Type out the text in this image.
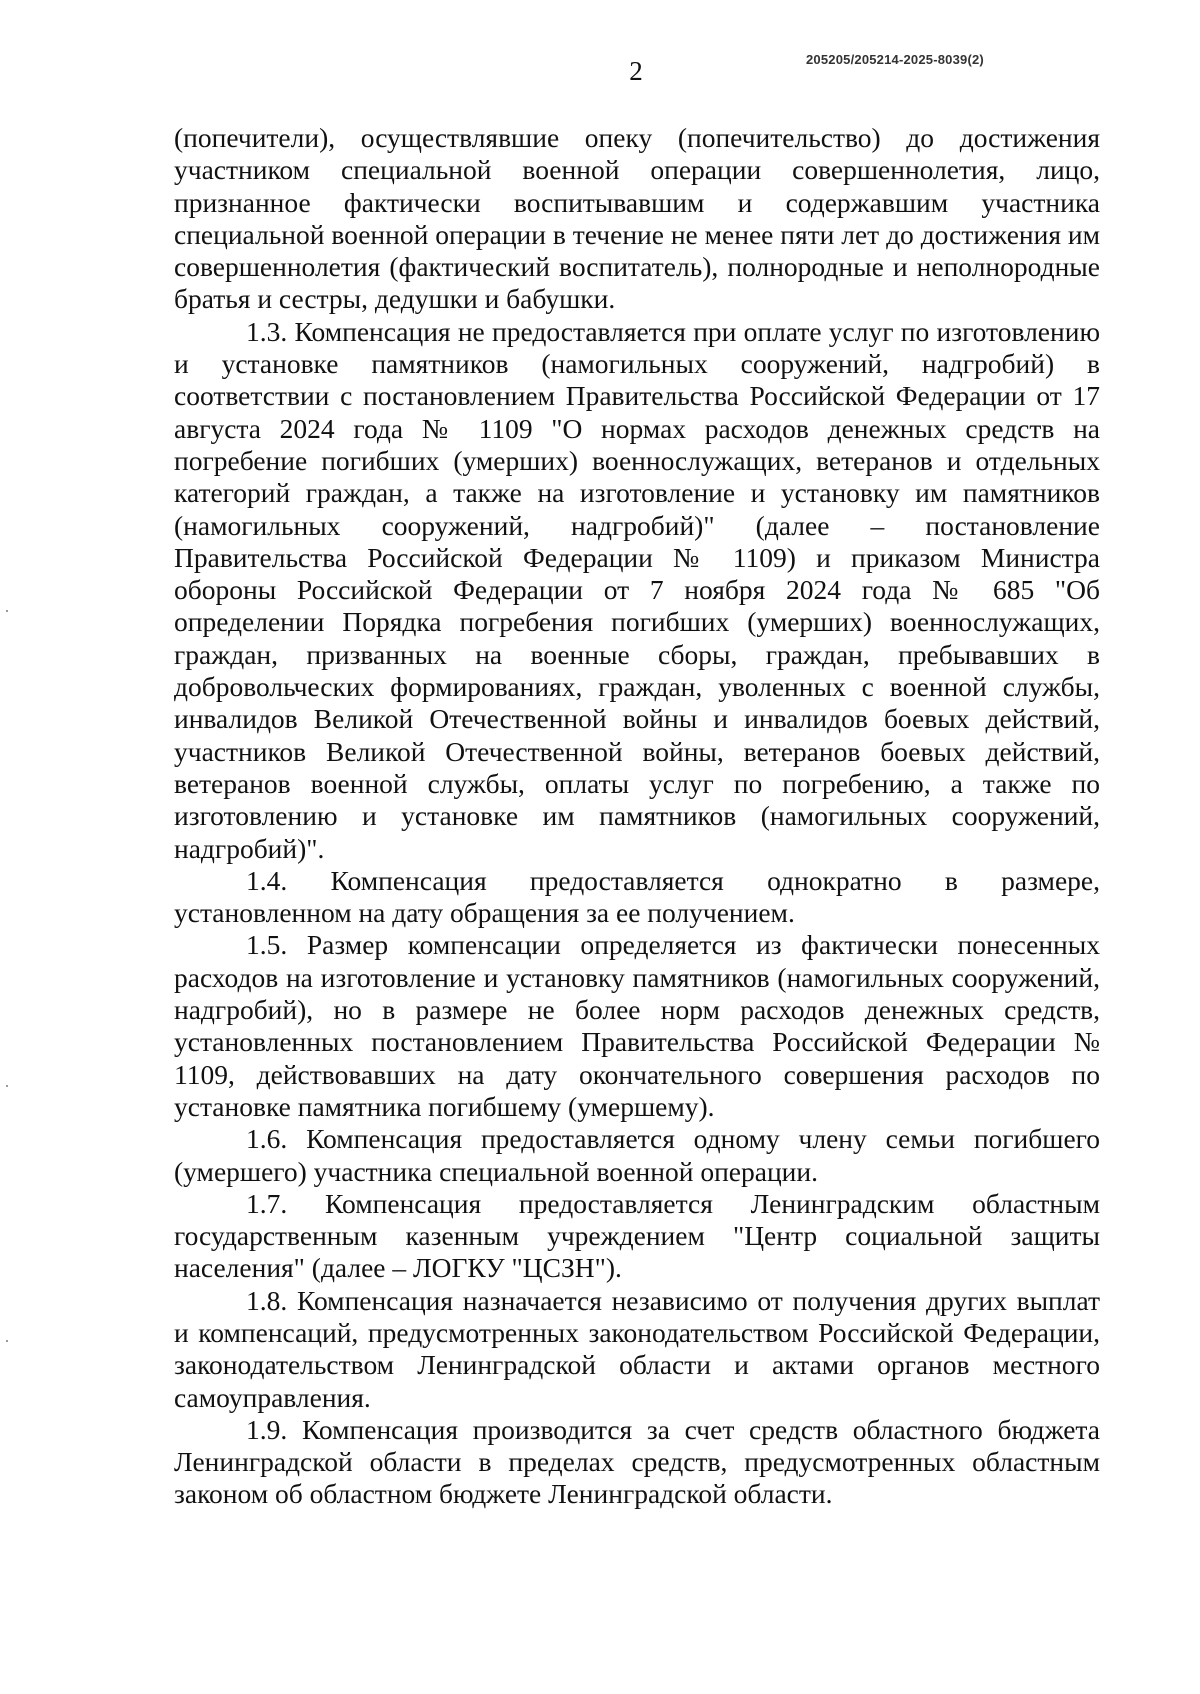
205205/205214-2025-8039(2)
2

(попечители), осуществлявшие опеку (попечительство) до достижения участником специальной военной операции совершеннолетия, лицо, признанное фактически воспитывавшим и содержавшим участника специальной военной операции в течение не менее пяти лет до достижения им совершеннолетия (фактический воспитатель), полнородные и неполнородные братья и сестры, дедушки и бабушки.

1.3. Компенсация не предоставляется при оплате услуг по изготовлению и установке памятников (намогильных сооружений, надгробий) в соответствии с постановлением Правительства Российской Федерации от 17 августа 2024 года № 1109 "О нормах расходов денежных средств на погребение погибших (умерших) военнослужащих, ветеранов и отдельных категорий граждан, а также на изготовление и установку им памятников (намогильных сооружений, надгробий)" (далее – постановление Правительства Российской Федерации № 1109) и приказом Министра обороны Российской Федерации от 7 ноября 2024 года № 685 "Об определении Порядка погребения погибших (умерших) военнослужащих, граждан, призванных на военные сборы, граждан, пребывавших в добровольческих формированиях, граждан, уволенных с военной службы, инвалидов Великой Отечественной войны и инвалидов боевых действий, участников Великой Отечественной войны, ветеранов боевых действий, ветеранов военной службы, оплаты услуг по погребению, а также по изготовлению и установке им памятников (намогильных сооружений, надгробий)".

1.4. Компенсация предоставляется однократно в размере, установленном на дату обращения за ее получением.

1.5. Размер компенсации определяется из фактически понесенных расходов на изготовление и установку памятников (намогильных сооружений, надгробий), но в размере не более норм расходов денежных средств, установленных постановлением Правительства Российской Федерации № 1109, действовавших на дату окончательного совершения расходов по установке памятника погибшему (умершему).

1.6. Компенсация предоставляется одному члену семьи погибшего (умершего) участника специальной военной операции.

1.7. Компенсация предоставляется Ленинградским областным государственным казенным учреждением "Центр социальной защиты населения" (далее – ЛОГКУ "ЦСЗН").

1.8. Компенсация назначается независимо от получения других выплат и компенсаций, предусмотренных законодательством Российской Федерации, законодательством Ленинградской области и актами органов местного самоуправления.

1.9. Компенсация производится за счет средств областного бюджета Ленинградской области в пределах средств, предусмотренных областным законом об областном бюджете Ленинградской области.
